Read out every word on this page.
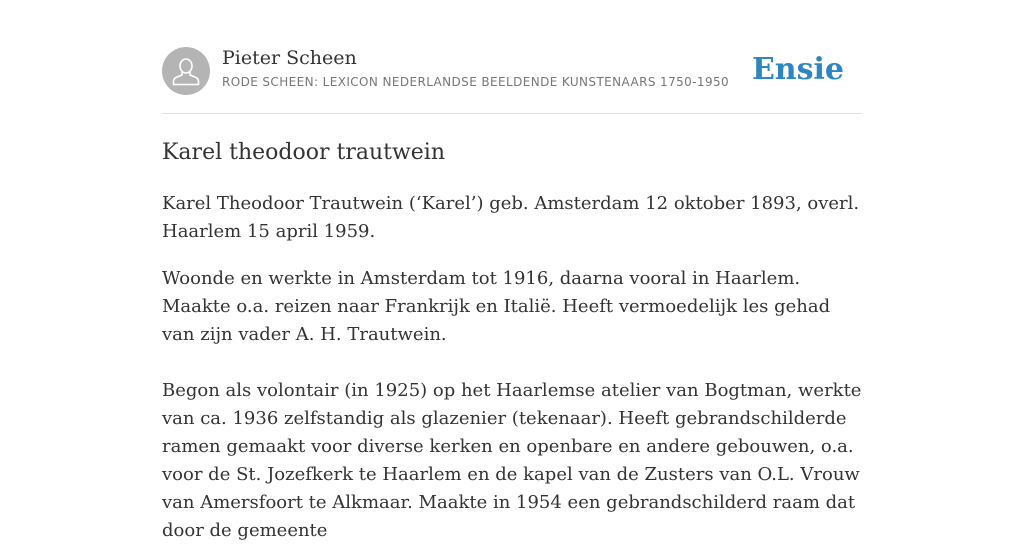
Pieter Scheen
RODE SCHEEN: LEXICON NEDERLANDSE BEELDENDE KUNSTENAARS 1750-1950 Ensie
Karel theodoor trautwein

Karel Theodoor Trautwein (‘Karel’) geb. Amsterdam 12 oktober 1893, overl. Haarlem 15 april 1959.

Woonde en werkte in Amsterdam tot 1916, daarna vooral in Haarlem. Maakte o.a. reizen naar Frankrijk en Italië. Heeft vermoedelijk les gehad van zijn vader A. H. Trautwein.

Begon als volontair (in 1925) op het Haarlemse atelier van Bogtman, werkte van ca. 1936 zelfstandig als glazenier (tekenaar). Heeft gebrandschilderde ramen gemaakt voor diverse kerken en openbare en andere gebouwen, o.a. voor de St. Jozefkerk te Haarlem en de kapel van de Zusters van O.L. Vrouw van Amersfoort te Alkmaar. Maakte in 1954 een gebrandschilderd raam dat door de gemeente
